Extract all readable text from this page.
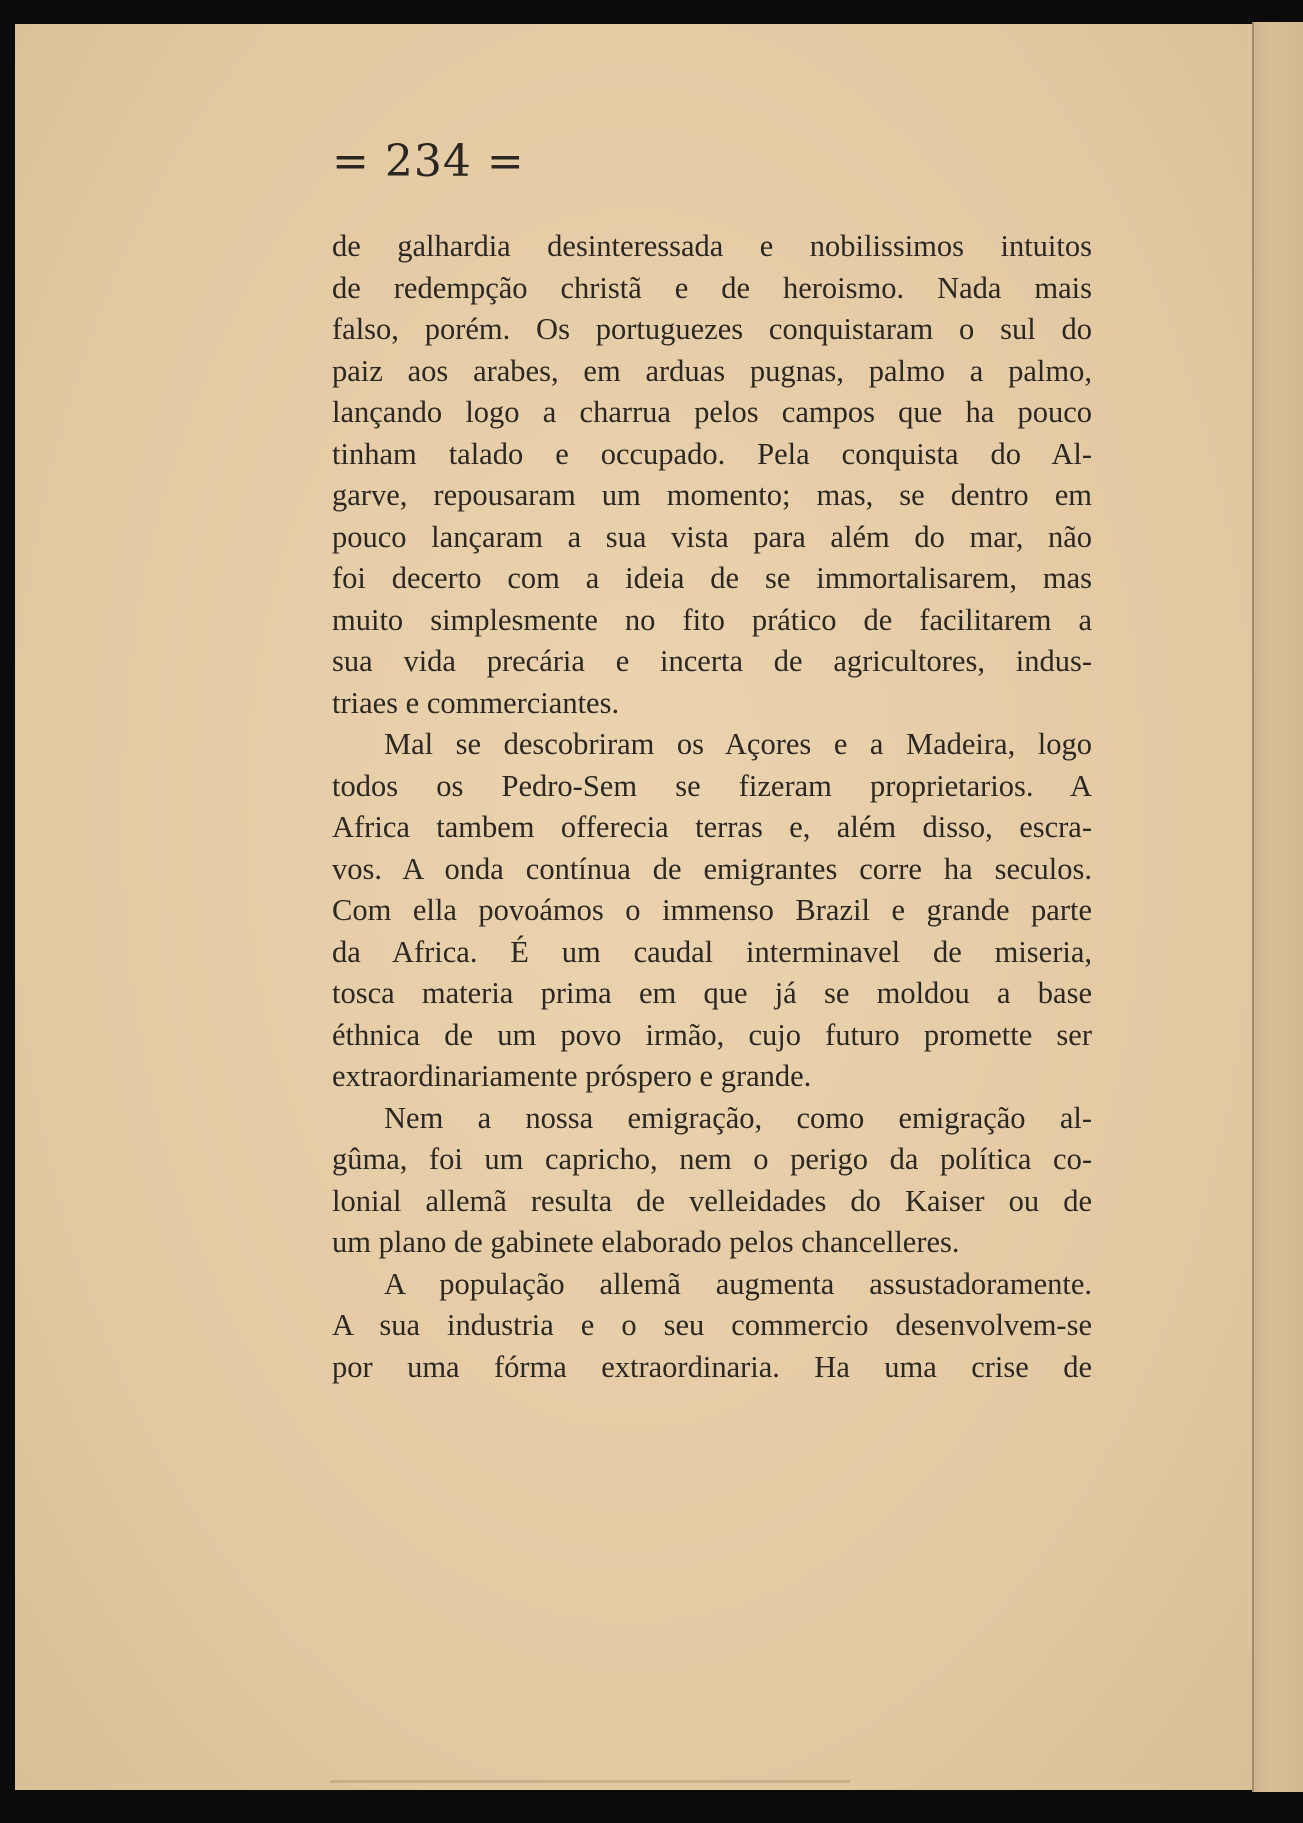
= 234 =
de galhardia desinteressada e nobilissimos intuitos
de redempção christã e de heroismo. Nada mais
falso, porém. Os portuguezes conquistaram o sul do
paiz aos arabes, em arduas pugnas, palmo a palmo,
lançando logo a charrua pelos campos que ha pouco
tinham talado e occupado. Pela conquista do Al-
garve, repousaram um momento; mas, se dentro em
pouco lançaram a sua vista para além do mar, não
foi decerto com a ideia de se immortalisarem, mas
muito simplesmente no fito prático de facilitarem a
sua vida precária e incerta de agricultores, indus-
triaes e commerciantes.
Mal se descobriram os Açores e a Madeira, logo
todos os Pedro-Sem se fizeram proprietarios. A
Africa tambem offerecia terras e, além disso, escra-
vos. A onda contínua de emigrantes corre ha seculos.
Com ella povoámos o immenso Brazil e grande parte
da Africa. É um caudal interminavel de miseria,
tosca materia prima em que já se moldou a base
éthnica de um povo irmão, cujo futuro promette ser
extraordinariamente próspero e grande.
Nem a nossa emigração, como emigração al-
gûma, foi um capricho, nem o perigo da política co-
lonial allemã resulta de velleidades do Kaiser ou de
um plano de gabinete elaborado pelos chancelleres.
A população allemã augmenta assustadoramente.
A sua industria e o seu commercio desenvolvem-se
por uma fórma extraordinaria. Ha uma crise de
